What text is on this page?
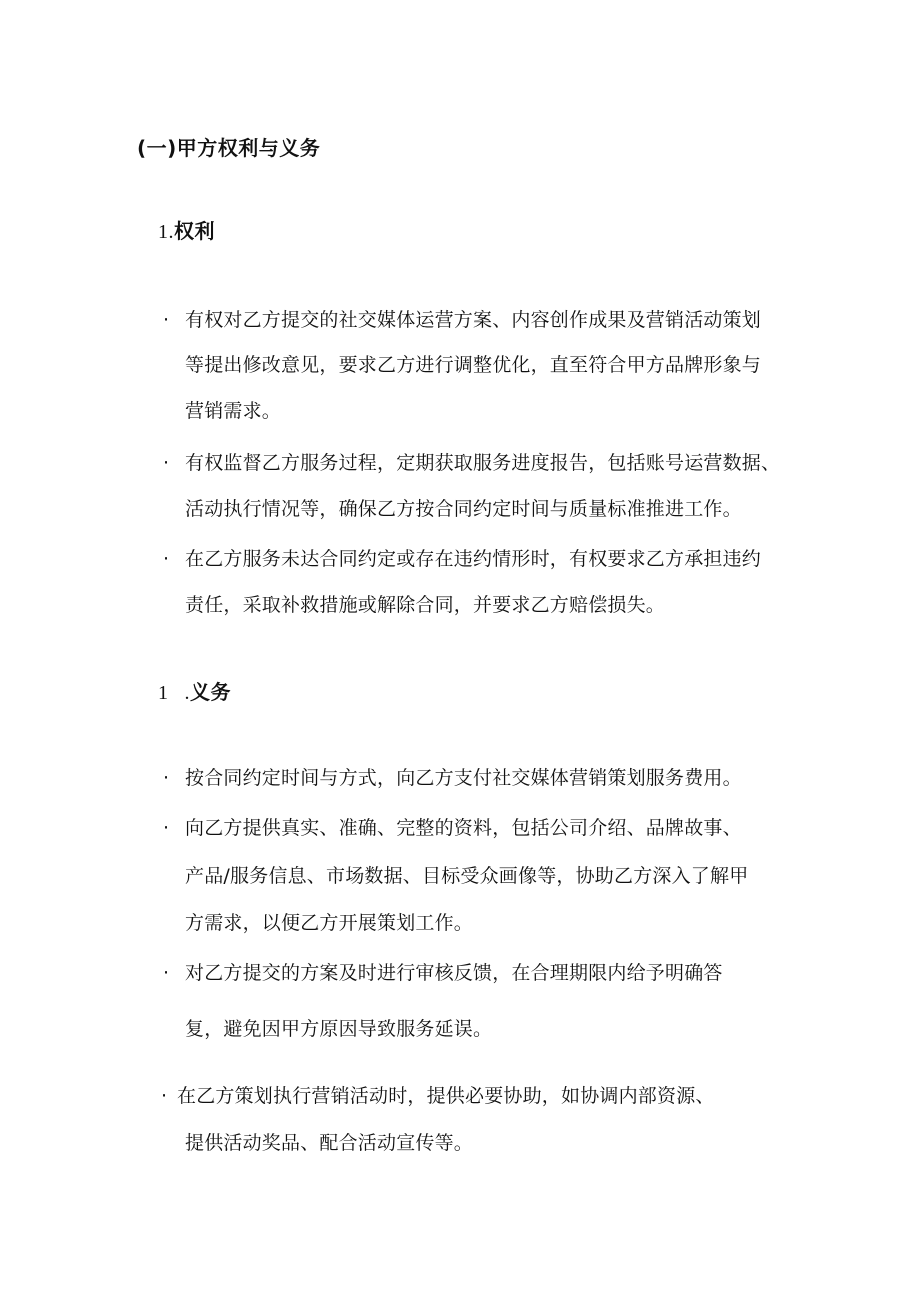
(一)甲方权利与义务
1.权利
· 有权对乙方提交的社交媒体运营方案、内容创作成果及营销活动策划
等提出修改意见，要求乙方进行调整优化，直至符合甲方品牌形象与
营销需求。
· 有权监督乙方服务过程，定期获取服务进度报告，包括账号运营数据、
活动执行情况等，确保乙方按合同约定时间与质量标准推进工作。
· 在乙方服务未达合同约定或存在违约情形时，有权要求乙方承担违约
责任，采取补救措施或解除合同，并要求乙方赔偿损失。
1 .义务
· 按合同约定时间与方式，向乙方支付社交媒体营销策划服务费用。
· 向乙方提供真实、准确、完整的资料，包括公司介绍、品牌故事、
产品/服务信息、市场数据、目标受众画像等，协助乙方深入了解甲
方需求，以便乙方开展策划工作。
· 对乙方提交的方案及时进行审核反馈，在合理期限内给予明确答
复，避免因甲方原因导致服务延误。
· 在乙方策划执行营销活动时，提供必要协助，如协调内部资源、
提供活动奖品、配合活动宣传等。
